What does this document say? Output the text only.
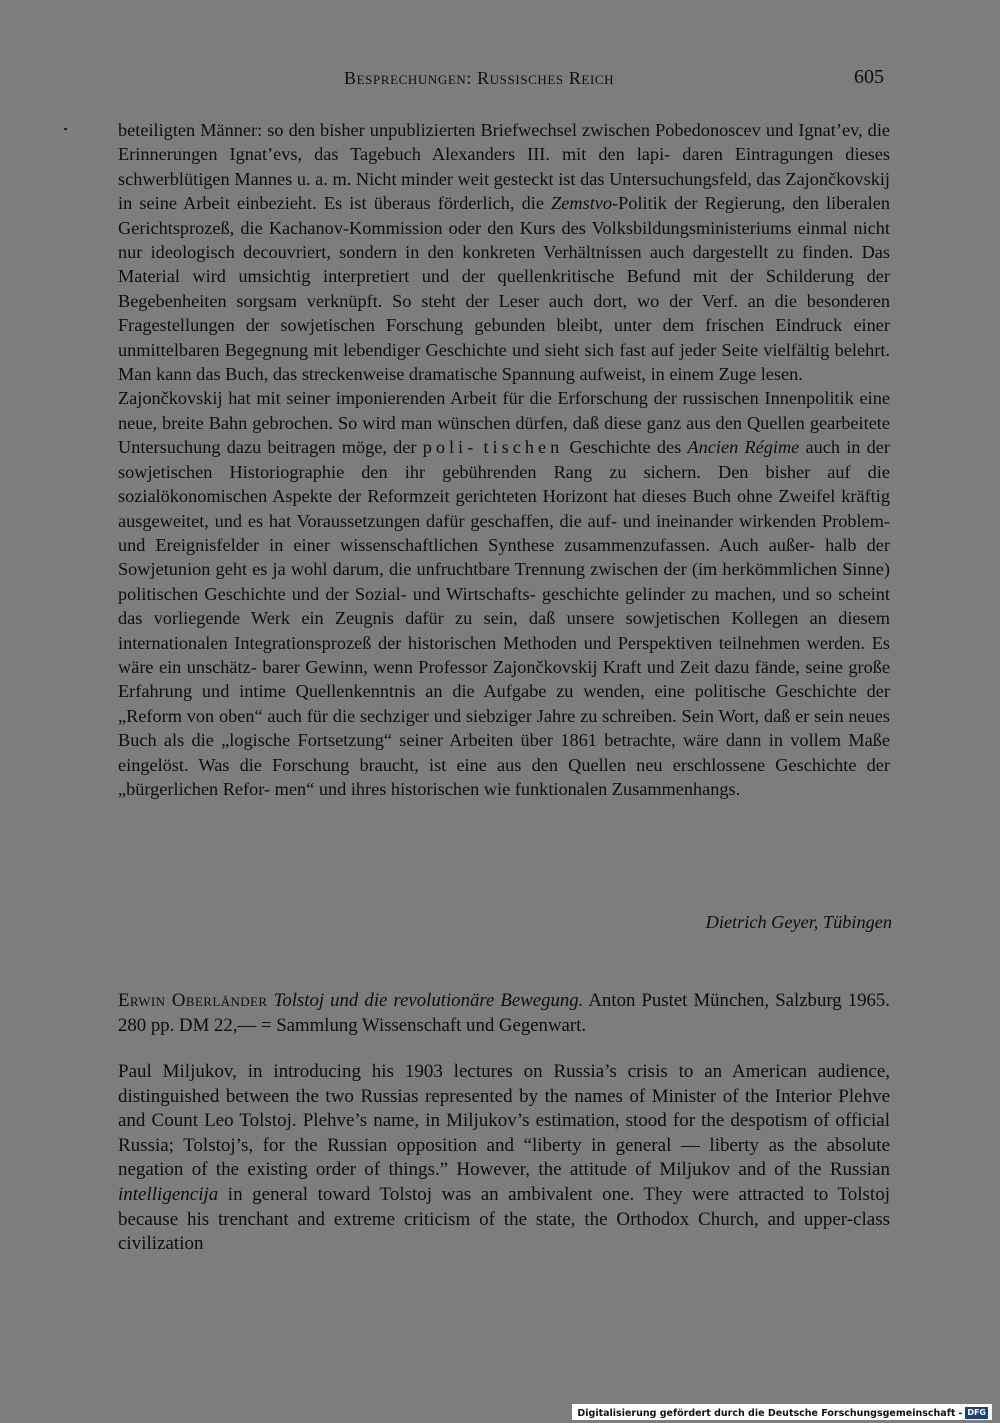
Besprechungen: Russisches Reich	605

beteiligten Männer: so den bisher unpublizierten Briefwechsel zwischen Pobedonoscev und Ignat’ev, die Erinnerungen Ignat’evs, das Tagebuch Alexanders III. mit den lapi- daren Eintragungen dieses schwerblütigen Mannes u. a. m. Nicht minder weit gesteckt ist das Untersuchungsfeld, das Zajončkovskij in seine Arbeit einbezieht. Es ist überaus förderlich, die Zemstvo-Politik der Regierung, den liberalen Gerichtsprozeß, die Kachanov-Kommission oder den Kurs des Volksbildungsministeriums einmal nicht nur ideologisch decouvriert, sondern in den konkreten Verhältnissen auch dargestellt zu finden. Das Material wird umsichtig interpretiert und der quellenkritische Befund mit der Schilderung der Begebenheiten sorgsam verknüpft. So steht der Leser auch dort, wo der Verf. an die besonderen Fragestellungen der sowjetischen Forschung gebunden bleibt, unter dem frischen Eindruck einer unmittelbaren Begegnung mit lebendiger Geschichte und sieht sich fast auf jeder Seite vielfältig belehrt. Man kann das Buch, das streckenweise dramatische Spannung aufweist, in einem Zuge lesen.

Zajončkovskij hat mit seiner imponierenden Arbeit für die Erforschung der russischen Innenpolitik eine neue, breite Bahn gebrochen. So wird man wünschen dürfen, daß diese ganz aus den Quellen gearbeitete Untersuchung dazu beitragen möge, der poli- tischen Geschichte des Ancien Régime auch in der sowjetischen Historiographie den ihr gebührenden Rang zu sichern. Den bisher auf die sozialökonomischen Aspekte der Reformzeit gerichteten Horizont hat dieses Buch ohne Zweifel kräftig ausgeweitet, und es hat Voraussetzungen dafür geschaffen, die auf- und ineinander wirkenden Problem- und Ereignisfelder in einer wissenschaftlichen Synthese zusammenzufassen. Auch außer- halb der Sowjetunion geht es ja wohl darum, die unfruchtbare Trennung zwischen der (im herkömmlichen Sinne) politischen Geschichte und der Sozial- und Wirtschafts- geschichte gelinder zu machen, und so scheint das vorliegende Werk ein Zeugnis dafür zu sein, daß unsere sowjetischen Kollegen an diesem internationalen Integrationsprozeß der historischen Methoden und Perspektiven teilnehmen werden. Es wäre ein unschätz- barer Gewinn, wenn Professor Zajončkovskij Kraft und Zeit dazu fände, seine große Erfahrung und intime Quellenkenntnis an die Aufgabe zu wenden, eine politische Geschichte der „Reform von oben“ auch für die sechziger und siebziger Jahre zu schreiben. Sein Wort, daß er sein neues Buch als die „logische Fortsetzung“ seiner Arbeiten über 1861 betrachte, wäre dann in vollem Maße eingelöst. Was die Forschung braucht, ist eine aus den Quellen neu erschlossene Geschichte der „bürgerlichen Refor- men“ und ihres historischen wie funktionalen Zusammenhangs.

Dietrich Geyer, Tübingen
Erwin Oberländer Tolstoj und die revolutionäre Bewegung. Anton Pustet München, Salzburg 1965. 280 pp. DM 22,— = Sammlung Wissenschaft und Gegenwart.

Paul Miljukov, in introducing his 1903 lectures on Russia’s crisis to an American audience, distinguished between the two Russias represented by the names of Minister of the Interior Plehve and Count Leo Tolstoj. Plehve’s name, in Miljukov’s estimation, stood for the despotism of official Russia; Tolstoj’s, for the Russian opposition and “liberty in general — liberty as the absolute negation of the existing order of things.” However, the attitude of Miljukov and of the Russian intelligencija in general toward Tolstoj was an ambivalent one. They were attracted to Tolstoj because his trenchant and extreme criticism of the state, the Orthodox Church, and upper-class civilization

Digitalisierung gefördert durch die Deutsche Forschungsgemeinschaft - DFG
